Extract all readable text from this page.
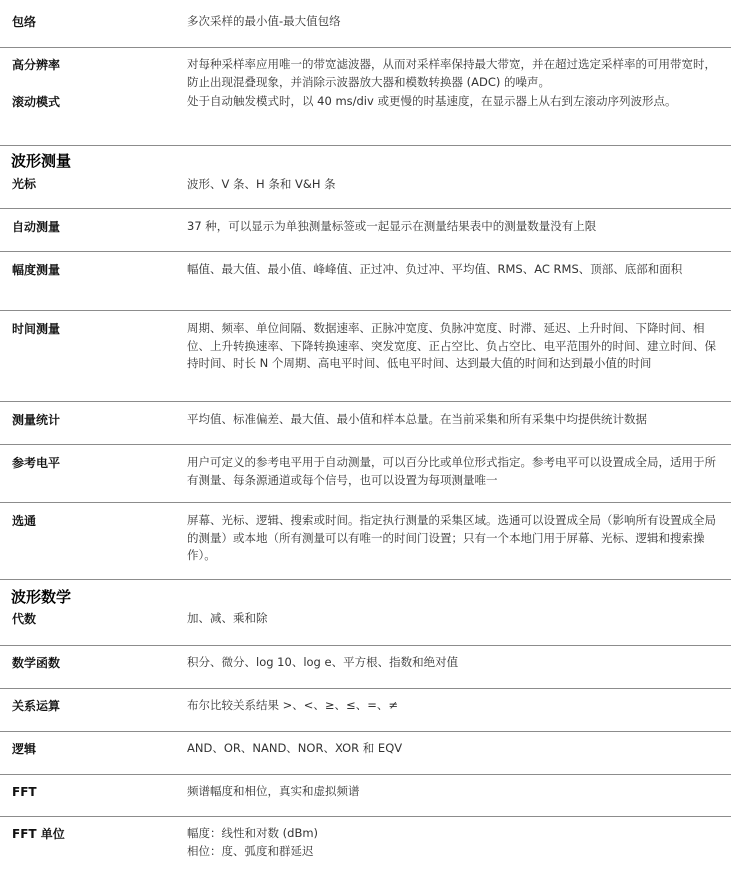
包络	多次采样的最小值-最大值包络
高分辨率	对每种采样率应用唯一的带宽滤波器，从而对采样率保持最大带宽，并在超过选定采样率的可用带宽时，防止出现混叠现象，并消除示波器放大器和模数转换器 (ADC) 的噪声。
滚动模式	处于自动触发模式时，以 40 ms/div 或更慢的时基速度，在显示器上从右到左滚动序列波形点。
波形测量
光标	波形、V 条、H 条和 V&H 条
自动测量	37 种，可以显示为单独测量标签或一起显示在测量结果表中的测量数量没有上限
幅度测量	幅值、最大值、最小值、峰峰值、正过冲、负过冲、平均值、RMS、AC RMS、顶部、底部和面积
时间测量	周期、频率、单位间隔、数据速率、正脉冲宽度、负脉冲宽度、时滞、延迟、上升时间、下降时间、相位、上升转换速率、下降转换速率、突发宽度、正占空比、负占空比、电平范围外的时间、建立时间、保持时间、时长 N 个周期、高电平时间、低电平时间、达到最大值的时间和达到最小值的时间
测量统计	平均值、标准偏差、最大值、最小值和样本总量。在当前采集和所有采集中均提供统计数据
参考电平	用户可定义的参考电平用于自动测量，可以百分比或单位形式指定。参考电平可以设置成全局，适用于所有测量、每条源通道或每个信号，也可以设置为每项测量唯一
选通	屏幕、光标、逻辑、搜索或时间。指定执行测量的采集区域。选通可以设置成全局（影响所有设置成全局的测量）或本地（所有测量可以有唯一的时间门设置；只有一个本地门用于屏幕、光标、逻辑和搜索操作）。
波形数学
代数	加、减、乘和除
数学函数	积分、微分、log 10、log e、平方根、指数和绝对值
关系运算	布尔比较关系结果 >、<、≥、≤、=、≠
逻辑	AND、OR、NAND、NOR、XOR 和 EQV
FFT	频谱幅度和相位，真实和虚拟频谱
FFT 单位	幅度：线性和对数 (dBm)
相位：度、弧度和群延迟
